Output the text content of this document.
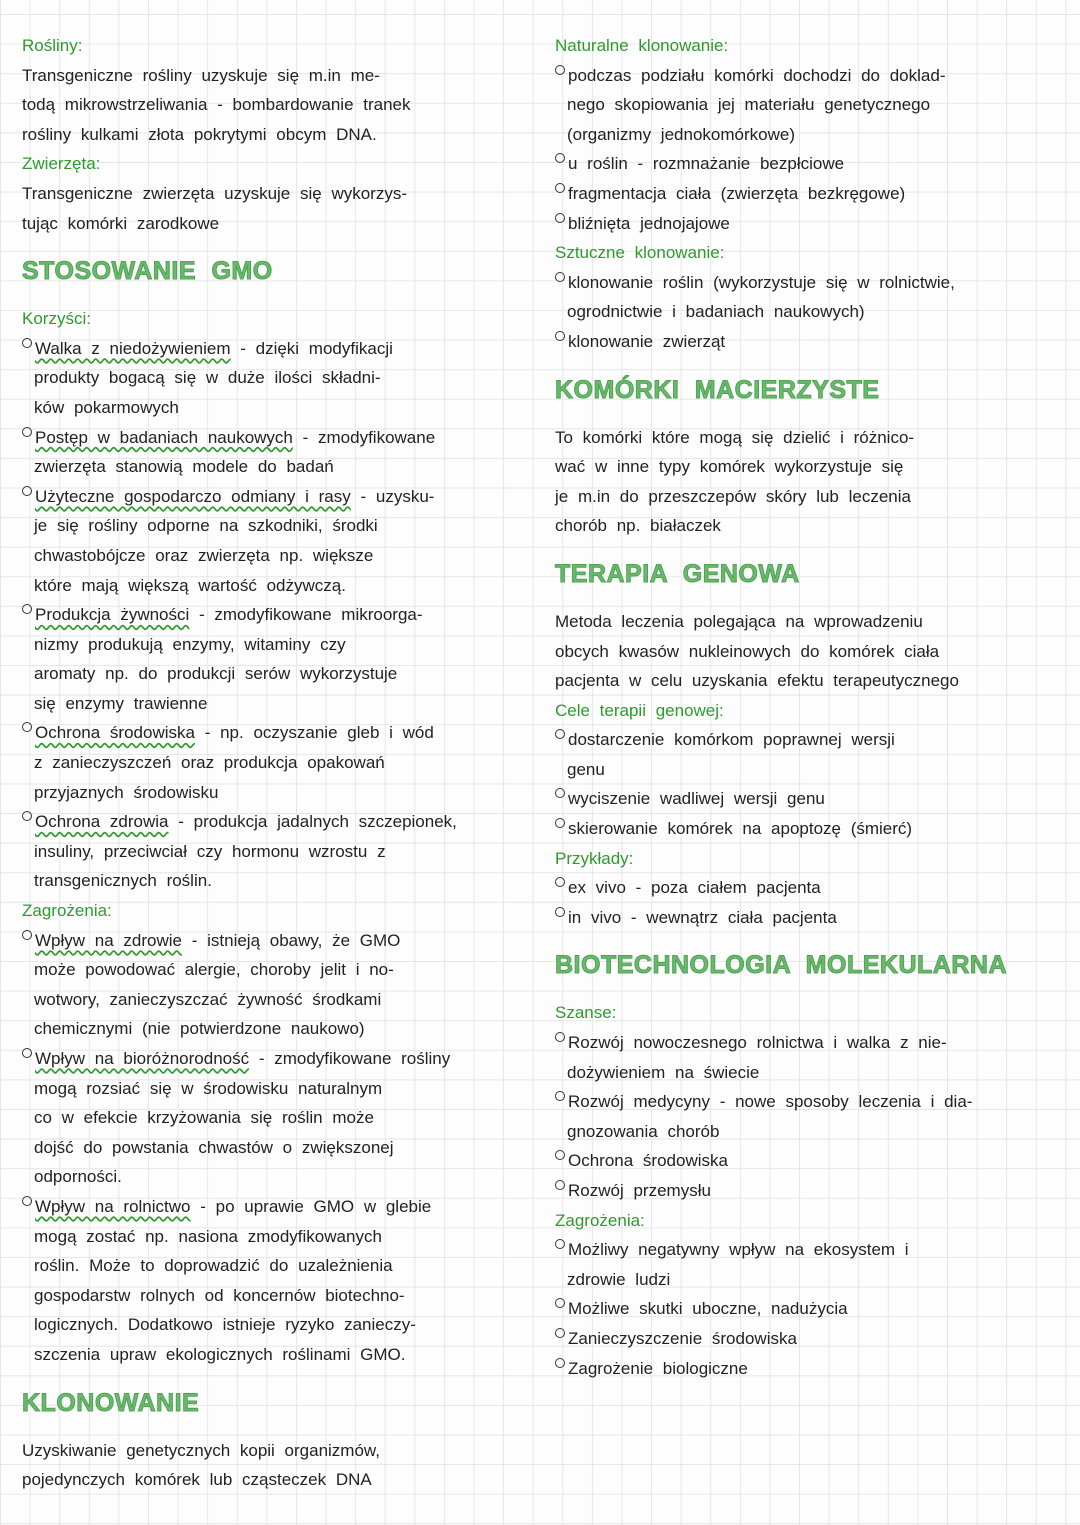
Rośliny:
Transgeniczne rośliny uzyskuje się m.in me-
todą mikrowstrzeliwania - bombardowanie tranek
rośliny kulkami złota pokrytymi obcym DNA.
Zwierzęta:
Transgeniczne zwierzęta uzyskuje się wykorzys-
tując komórki zarodkowe
STOSOWANIE GMO
Korzyści:
Walka z niedożywieniem - dzięki modyfikacji
produkty bogacą się w duże ilości składni-
ków pokarmowych
Postęp w badaniach naukowych - zmodyfikowane
zwierzęta stanowią modele do badań
Użyteczne gospodarczo odmiany i rasy - uzysku-
je się rośliny odporne na szkodniki, środki
chwastobójcze oraz zwierzęta np. większe
które mają większą wartość odżywczą.
Produkcja żywności - zmodyfikowane mikroorga-
nizmy produkują enzymy, witaminy czy
aromaty np. do produkcji serów wykorzystuje
się enzymy trawienne
Ochrona środowiska - np. oczyszanie gleb i wód
z zanieczyszczeń oraz produkcja opakowań
przyjaznych środowisku
Ochrona zdrowia - produkcja jadalnych szczepionek,
insuliny, przeciwciał czy hormonu wzrostu z
transgenicznych roślin.
Zagrożenia:
Wpływ na zdrowie - istnieją obawy, że GMO
może powodować alergie, choroby jelit i no-
wotwory, zanieczyszczać żywność środkami
chemicznymi (nie potwierdzone naukowo)
Wpływ na bioróżnorodność - zmodyfikowane rośliny
mogą rozsiać się w środowisku naturalnym
co w efekcie krzyżowania się roślin może
dojść do powstania chwastów o zwiększonej
odporności.
Wpływ na rolnictwo - po uprawie GMO w glebie
mogą zostać np. nasiona zmodyfikowanych
roślin. Może to doprowadzić do uzależnienia
gospodarstw rolnych od koncernów biotechno-
logicznych. Dodatkowo istnieje ryzyko zanieczy-
szczenia upraw ekologicznych roślinami GMO.
KLONOWANIE
Uzyskiwanie genetycznych kopii organizmów,
pojedynczych komórek lub cząsteczek DNA
Naturalne klonowanie:
podczas podziału komórki dochodzi do doklad-
nego skopiowania jej materiału genetycznego
(organizmy jednokomórkowe)
u roślin - rozmnażanie bezpłciowe
fragmentacja ciała (zwierzęta bezkręgowe)
bliźnięta jednojajowe
Sztuczne klonowanie:
klonowanie roślin (wykorzystuje się w rolnictwie,
ogrodnictwie i badaniach naukowych)
klonowanie zwierząt
KOMÓRKI MACIERZYSTE
To komórki które mogą się dzielić i różnico-
wać w inne typy komórek wykorzystuje się
je m.in do przeszczepów skóry lub leczenia
chorób np. białaczek
TERAPIA GENOWA
Metoda leczenia polegająca na wprowadzeniu
obcych kwasów nukleinowych do komórek ciała
pacjenta w celu uzyskania efektu terapeutycznego
Cele terapii genowej:
dostarczenie komórkom poprawnej wersji
genu
wyciszenie wadliwej wersji genu
skierowanie komórek na apoptozę (śmierć)
Przykłady:
ex vivo - poza ciałem pacjenta
in vivo - wewnątrz ciała pacjenta
BIOTECHNOLOGIA MOLEKULARNA
Szanse:
Rozwój nowoczesnego rolnictwa i walka z nie-
dożywieniem na świecie
Rozwój medycyny - nowe sposoby leczenia i dia-
gnozowania chorób
Ochrona środowiska
Rozwój przemysłu
Zagrożenia:
Możliwy negatywny wpływ na ekosystem i
zdrowie ludzi
Możliwe skutki uboczne, nadużycia
Zanieczyszczenie środowiska
Zagrożenie biologiczne
